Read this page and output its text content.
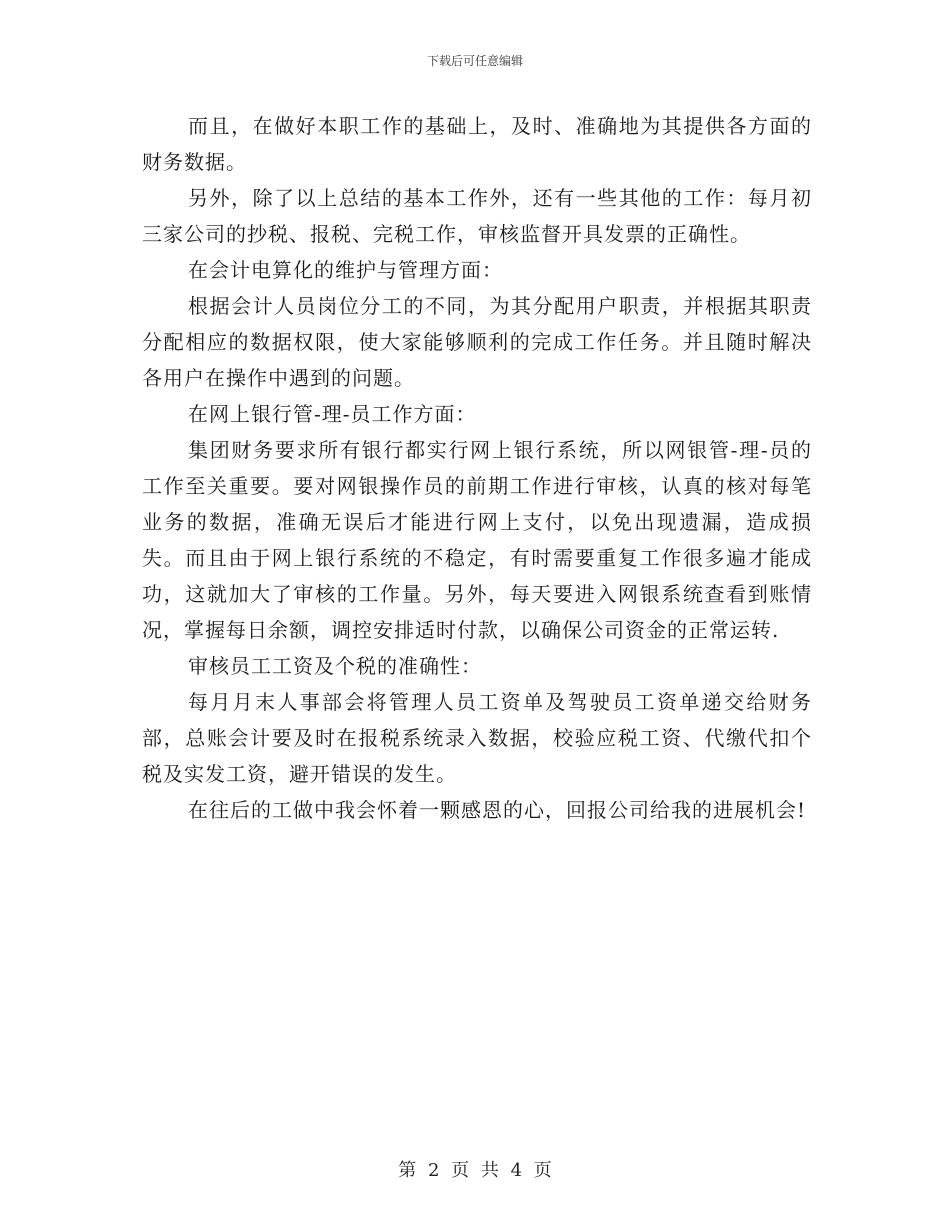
下载后可任意编辑

而且，在做好本职工作的基础上，及时、准确地为其提供各方面的财务数据。

另外，除了以上总结的基本工作外，还有一些其他的工作：每月初三家公司的抄税、报税、完税工作，审核监督开具发票的正确性。

在会计电算化的维护与管理方面：

根据会计人员岗位分工的不同，为其分配用户职责，并根据其职责分配相应的数据权限，使大家能够顺利的完成工作任务。并且随时解决各用户在操作中遇到的问题。

在网上银行管-理-员工作方面：

集团财务要求所有银行都实行网上银行系统，所以网银管-理-员的工作至关重要。要对网银操作员的前期工作进行审核，认真的核对每笔业务的数据，准确无误后才能进行网上支付，以免出现遗漏，造成损失。而且由于网上银行系统的不稳定，有时需要重复工作很多遍才能成功，这就加大了审核的工作量。另外，每天要进入网银系统查看到账情况，掌握每日余额，调控安排适时付款，以确保公司资金的正常运转.

审核员工工资及个税的准确性：

每月月末人事部会将管理人员工资单及驾驶员工资单递交给财务部，总账会计要及时在报税系统录入数据，校验应税工资、代缴代扣个税及实发工资，避开错误的发生。

在往后的工做中我会怀着一颗感恩的心，回报公司给我的进展机会!

第 2 页 共 4 页
